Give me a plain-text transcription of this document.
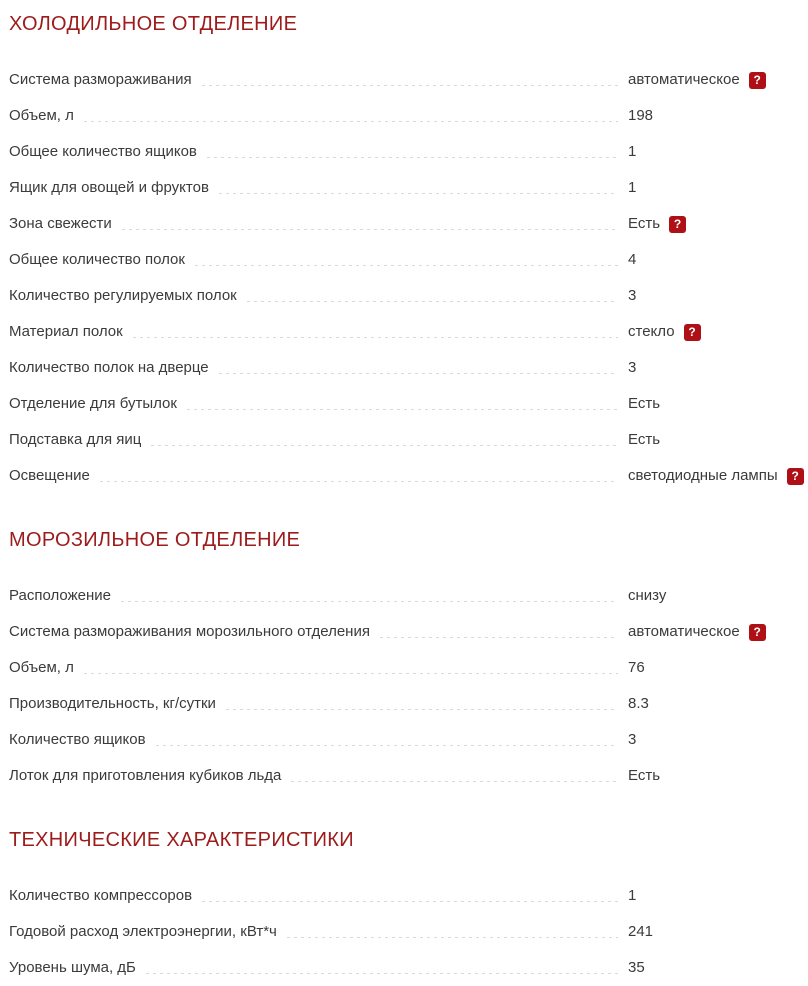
ХОЛОДИЛЬНОЕ ОТДЕЛЕНИЕ
Система размораживания	автоматическое	?
Объем, л	198
Общее количество ящиков	1
Ящик для овощей и фруктов	1
Зона свежести	Есть	?
Общее количество полок	4
Количество регулируемых полок	3
Материал полок	стекло	?
Количество полок на дверце	3
Отделение для бутылок	Есть
Подставка для яиц	Есть
Освещение	светодиодные лампы	?
МОРОЗИЛЬНОЕ ОТДЕЛЕНИЕ
Расположение	снизу
Система размораживания морозильного отделения	автоматическое	?
Объем, л	76
Производительность, кг/сутки	8.3
Количество ящиков	3
Лоток для приготовления кубиков льда	Есть
ТЕХНИЧЕСКИЕ ХАРАКТЕРИСТИКИ
Количество компрессоров	1
Годовой расход электроэнергии, кВт*ч	241
Уровень шума, дБ	35
